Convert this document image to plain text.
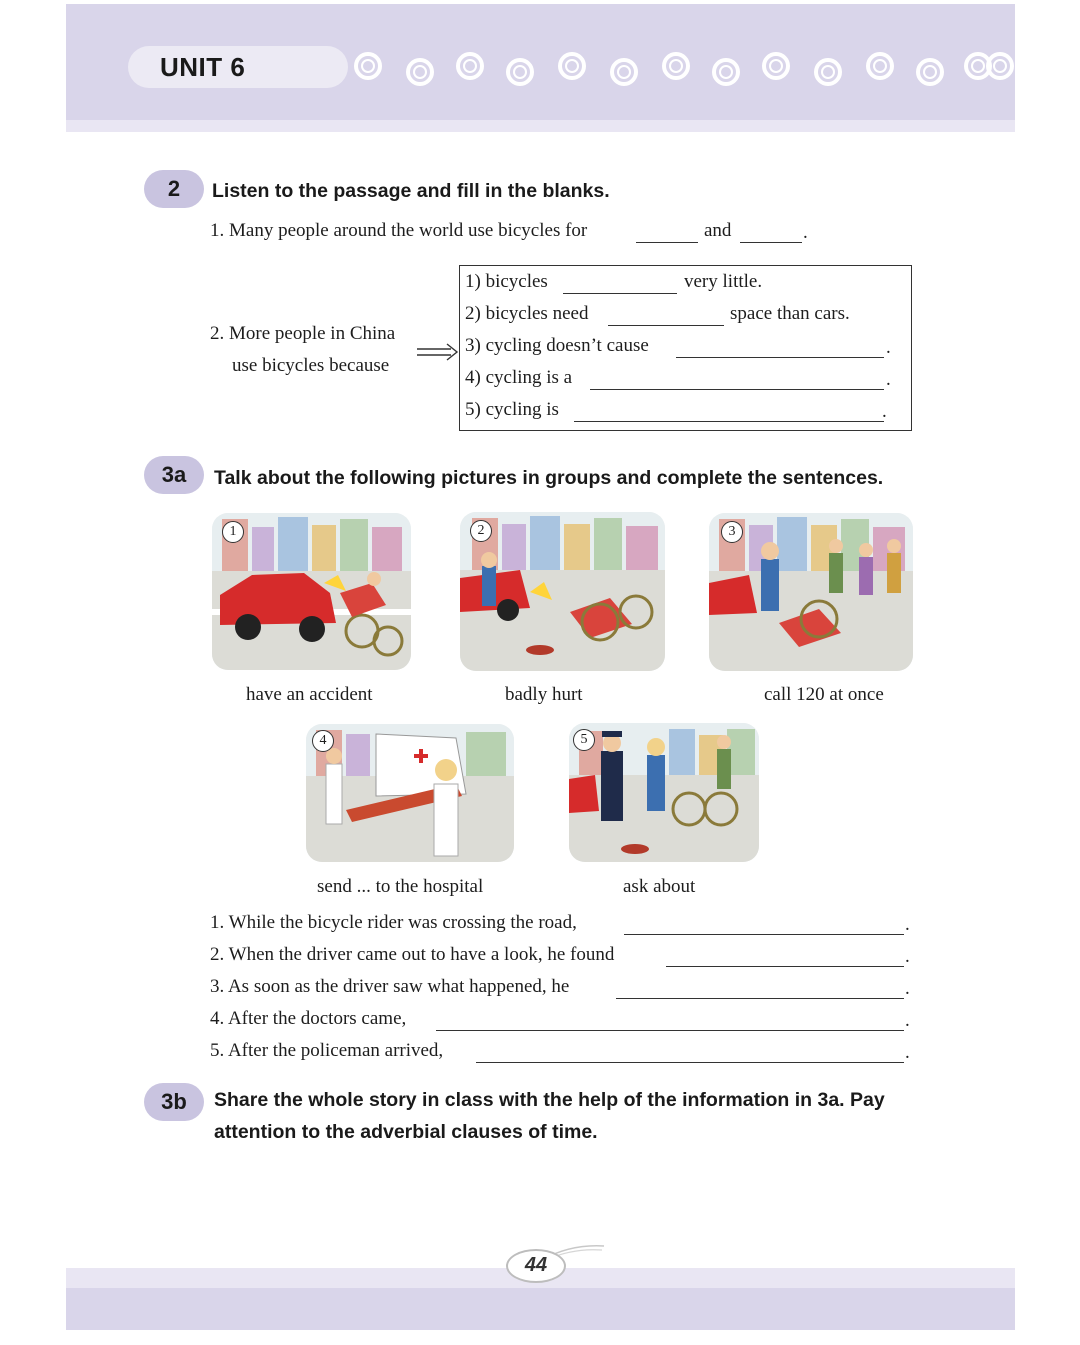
UNIT 6
2	Listen to the passage and fill in the blanks.
1. Many people around the world use bicycles for	and	.
2. More people in China
use bicycles because
1) bicycles	very little.
2) bicycles need	space than cars.
3) cycling doesn’t cause	.
4) cycling is a	.
5) cycling is	.
3a	Talk about the following pictures in groups and complete the sentences.
1	2	3
have an accident	badly hurt	call 120 at once
4	5
send ... to the hospital	ask about
1. While the bicycle rider was crossing the road,	.
2. When the driver came out to have a look, he found	.
3. As soon as the driver saw what happened, he	.
4. After the doctors came,	.
5. After the policeman arrived,	.
3b	Share the whole story in class with the help of the information in 3a. Pay
attention to the adverbial clauses of time.
44
